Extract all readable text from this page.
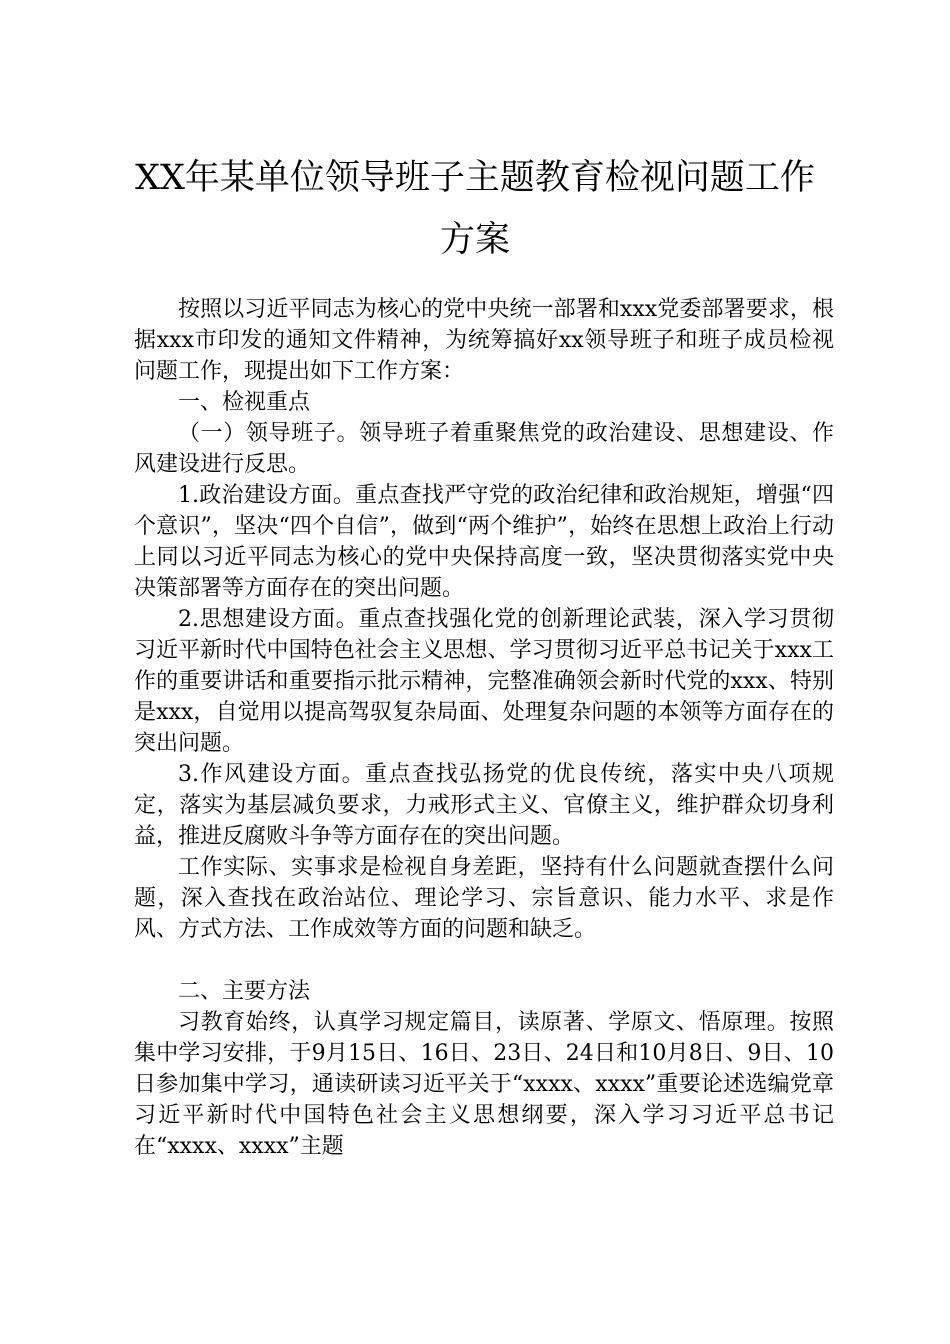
XX年某单位领导班子主题教育检视问题工作
方案

按照以习近平同志为核心的党中央统一部署和xxx党委部署要求，根据xxx市印发的通知文件精神，为统筹搞好xx领导班子和班子成员检视问题工作，现提出如下工作方案：

一、检视重点

（一）领导班子。领导班子着重聚焦党的政治建设、思想建设、作风建设进行反思。

1.政治建设方面。重点查找严守党的政治纪律和政治规矩，增强“四个意识”，坚决“四个自信”，做到“两个维护”，始终在思想上政治上行动上同以习近平同志为核心的党中央保持高度一致，坚决贯彻落实党中央决策部署等方面存在的突出问题。

2.思想建设方面。重点查找强化党的创新理论武装，深入学习贯彻习近平新时代中国特色社会主义思想、学习贯彻习近平总书记关于xxx工作的重要讲话和重要指示批示精神，完整准确领会新时代党的xxx、特别是xxx，自觉用以提高驾驭复杂局面、处理复杂问题的本领等方面存在的突出问题。

3.作风建设方面。重点查找弘扬党的优良传统，落实中央八项规定，落实为基层减负要求，力戒形式主义、官僚主义，维护群众切身利益，推进反腐败斗争等方面存在的突出问题。

工作实际、实事求是检视自身差距，坚持有什么问题就查摆什么问题，深入查找在政治站位、理论学习、宗旨意识、能力水平、求是作风、方式方法、工作成效等方面的问题和缺乏。

二、主要方法

习教育始终，认真学习规定篇目，读原著、学原文、悟原理。按照集中学习安排，于9月15日、16日、23日、24日和10月8日、9日、10日参加集中学习，通读研读习近平关于“xxxx、xxxx”重要论述选编党章习近平新时代中国特色社会主义思想纲要，深入学习习近平总书记在“xxxx、xxxx”主题
